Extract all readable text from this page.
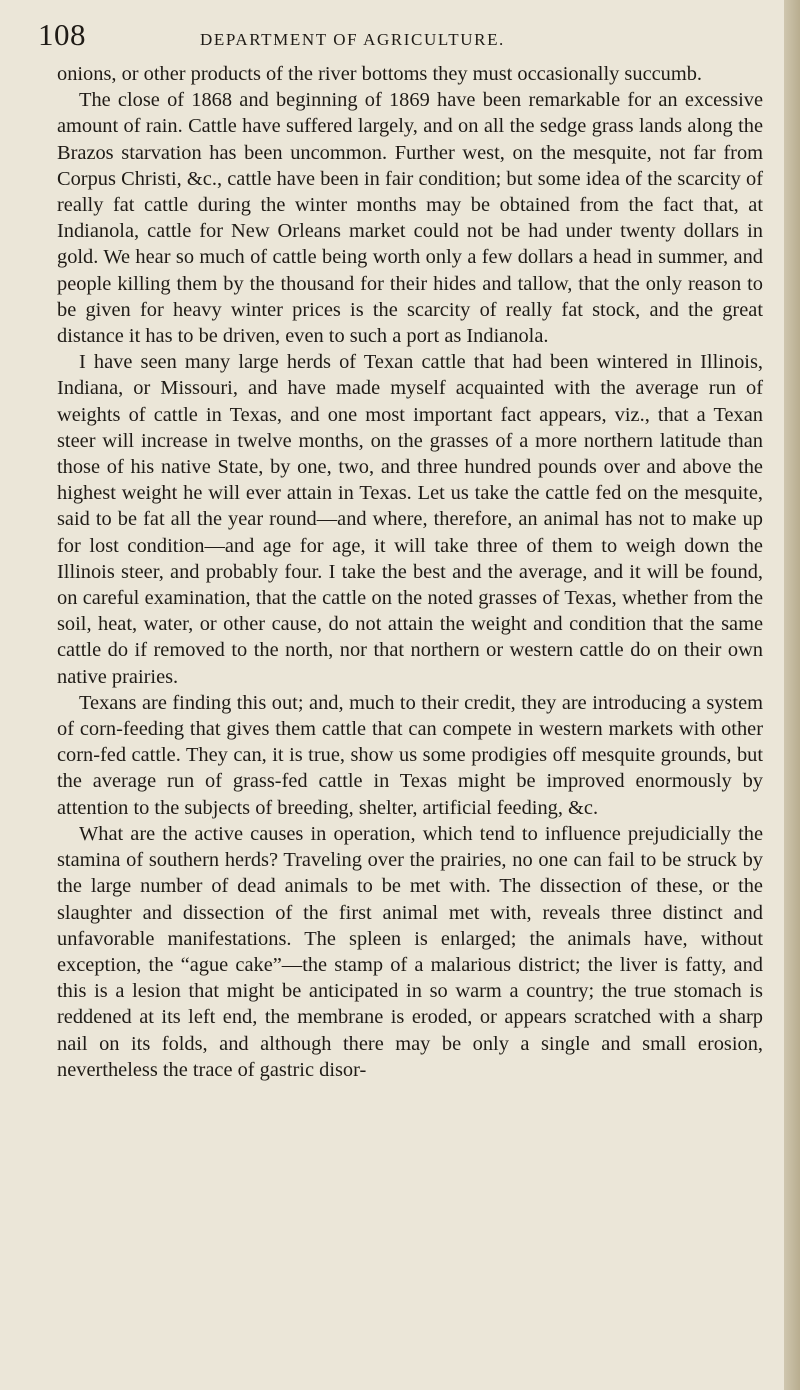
108	DEPARTMENT OF AGRICULTURE.

onions, or other products of the river bottoms they must occasionally succumb.

The close of 1868 and beginning of 1869 have been remarkable for an excessive amount of rain. Cattle have suffered largely, and on all the sedge grass lands along the Brazos starvation has been uncommon. Further west, on the mesquite, not far from Corpus Christi, &c., cattle have been in fair condition; but some idea of the scarcity of really fat cattle during the winter months may be obtained from the fact that, at Indianola, cattle for New Orleans market could not be had under twenty dollars in gold. We hear so much of cattle being worth only a few dollars a head in summer, and people killing them by the thousand for their hides and tallow, that the only reason to be given for heavy winter prices is the scarcity of really fat stock, and the great distance it has to be driven, even to such a port as Indianola.

I have seen many large herds of Texan cattle that had been wintered in Illinois, Indiana, or Missouri, and have made myself acquainted with the average run of weights of cattle in Texas, and one most important fact appears, viz., that a Texan steer will increase in twelve months, on the grasses of a more northern latitude than those of his native State, by one, two, and three hundred pounds over and above the highest weight he will ever attain in Texas. Let us take the cattle fed on the mesquite, said to be fat all the year round—and where, therefore, an animal has not to make up for lost condition—and age for age, it will take three of them to weigh down the Illinois steer, and probably four. I take the best and the average, and it will be found, on careful examination, that the cattle on the noted grasses of Texas, whether from the soil, heat, water, or other cause, do not attain the weight and condition that the same cattle do if removed to the north, nor that northern or western cattle do on their own native prairies.

Texans are finding this out; and, much to their credit, they are introducing a system of corn-feeding that gives them cattle that can compete in western markets with other corn-fed cattle. They can, it is true, show us some prodigies off mesquite grounds, but the average run of grass-fed cattle in Texas might be improved enormously by attention to the subjects of breeding, shelter, artificial feeding, &c.

What are the active causes in operation, which tend to influence prejudicially the stamina of southern herds? Traveling over the prairies, no one can fail to be struck by the large number of dead animals to be met with. The dissection of these, or the slaughter and dissection of the first animal met with, reveals three distinct and unfavorable manifestations. The spleen is enlarged; the animals have, without exception, the “ague cake”—the stamp of a malarious district; the liver is fatty, and this is a lesion that might be anticipated in so warm a country; the true stomach is reddened at its left end, the membrane is eroded, or appears scratched with a sharp nail on its folds, and although there may be only a single and small erosion, nevertheless the trace of gastric disor-
